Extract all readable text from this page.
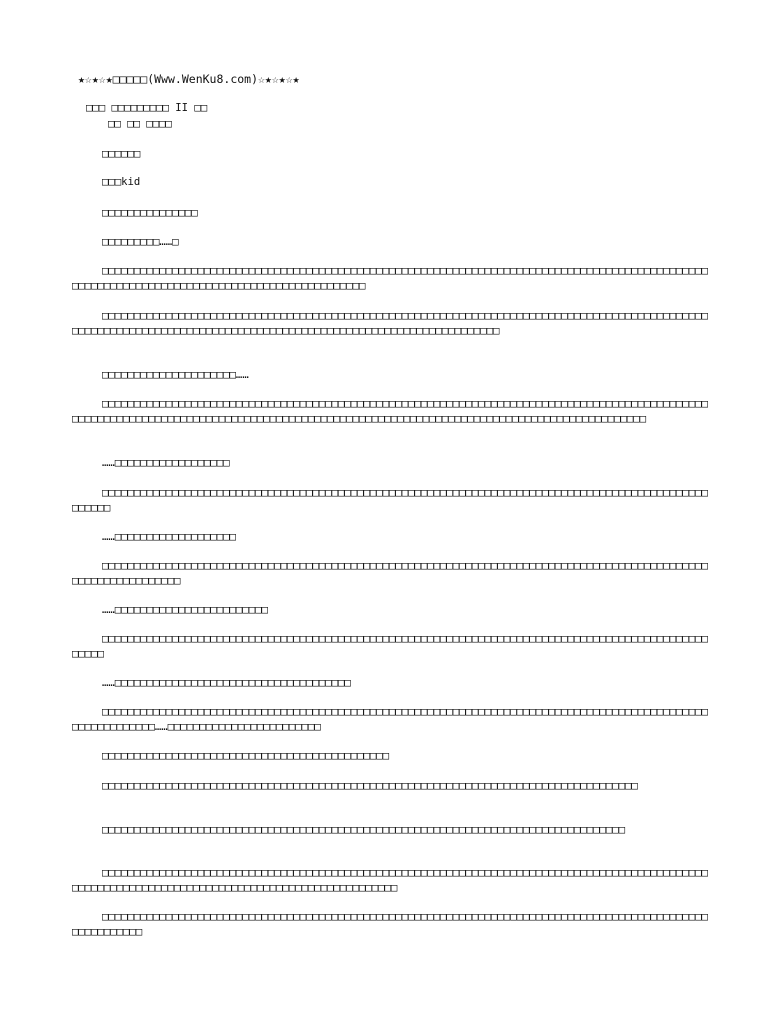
★☆★☆★□□□□□(Www.WenKu8.com)☆★☆★☆★
□□□ □□□□□□□□□ II □□
□□ □□ □□□□
□□□□□□
□□□kid
□□□□□□□□□□□□□□□
□□□□□□□□□……□
□□□□□□□□□□□□□□□□□□□□□□□□□□□□□□□□□□□□□□□□□□□□□□□□□□□□□□□□□□□□□□□□□□□□□□□□□□□□□□□□□□□□□□□□□□□□□□□□□□□□□□□□□□□□□□□□□□□□□□□□□□□□□□□□□□□□□□□□□□□□□
□□□□□□□□□□□□□□□□□□□□□□□□□□□□□□□□□□□□□□□□□□□□□□□□□□□□□□□□□□□□□□□□□□□□□□□□□□□□□□□□□□□□□□□□□□□□□□□□□□□□□□□□□□□□□□□□□□□□□□□□□□□□□□□□□□□□□□□□□□□□□□□□□□□□□□□□□□□□□□□□□□
□□□□□□□□□□□□□□□□□□□□□……
□□□□□□□□□□□□□□□□□□□□□□□□□□□□□□□□□□□□□□□□□□□□□□□□□□□□□□□□□□□□□□□□□□□□□□□□□□□□□□□□□□□□□□□□□□□□□□□□□□□□□□□□□□□□□□□□□□□□□□□□□□□□□□□□□□□□□□□□□□□□□□□□□□□□□□□□□□□□□□□□□□□□□□□□□□□□□□□□□□□□□□□□□
……□□□□□□□□□□□□□□□□□□
□□□□□□□□□□□□□□□□□□□□□□□□□□□□□□□□□□□□□□□□□□□□□□□□□□□□□□□□□□□□□□□□□□□□□□□□□□□□□□□□□□□□□□□□□□□□□□□□□□□□□
……□□□□□□□□□□□□□□□□□□□
□□□□□□□□□□□□□□□□□□□□□□□□□□□□□□□□□□□□□□□□□□□□□□□□□□□□□□□□□□□□□□□□□□□□□□□□□□□□□□□□□□□□□□□□□□□□□□□□□□□□□□□□□□□□□□□□
……□□□□□□□□□□□□□□□□□□□□□□□□
□□□□□□□□□□□□□□□□□□□□□□□□□□□□□□□□□□□□□□□□□□□□□□□□□□□□□□□□□□□□□□□□□□□□□□□□□□□□□□□□□□□□□□□□□□□□□□□□□□□□
……□□□□□□□□□□□□□□□□□□□□□□□□□□□□□□□□□□□□□
□□□□□□□□□□□□□□□□□□□□□□□□□□□□□□□□□□□□□□□□□□□□□□□□□□□□□□□□□□□□□□□□□□□□□□□□□□□□□□□□□□□□□□□□□□□□□□□□□□□□□□□□□□□□……□□□□□□□□□□□□□□□□□□□□□□□□
□□□□□□□□□□□□□□□□□□□□□□□□□□□□□□□□□□□□□□□□□□□□□
□□□□□□□□□□□□□□□□□□□□□□□□□□□□□□□□□□□□□□□□□□□□□□□□□□□□□□□□□□□□□□□□□□□□□□□□□□□□□□□□□□□□
□□□□□□□□□□□□□□□□□□□□□□□□□□□□□□□□□□□□□□□□□□□□□□□□□□□□□□□□□□□□□□□□□□□□□□□□□□□□□□□□□□
□□□□□□□□□□□□□□□□□□□□□□□□□□□□□□□□□□□□□□□□□□□□□□□□□□□□□□□□□□□□□□□□□□□□□□□□□□□□□□□□□□□□□□□□□□□□□□□□□□□□□□□□□□□□□□□□□□□□□□□□□□□□□□□□□□□□□□□□□□□□□□□□□□
□□□□□□□□□□□□□□□□□□□□□□□□□□□□□□□□□□□□□□□□□□□□□□□□□□□□□□□□□□□□□□□□□□□□□□□□□□□□□□□□□□□□□□□□□□□□□□□□□□□□□□□□□□
